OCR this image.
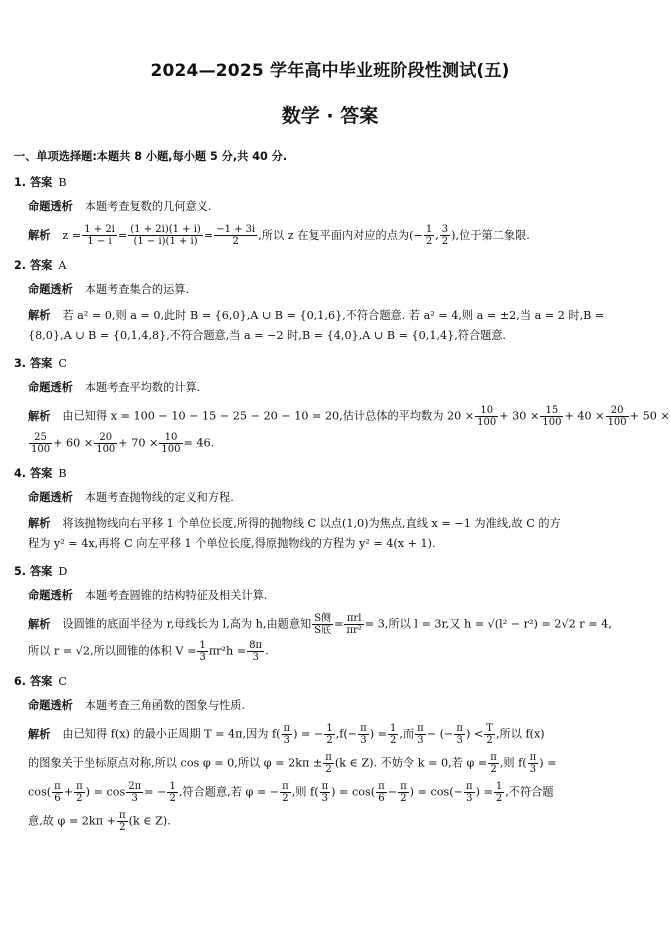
2024—2025 学年高中毕业班阶段性测试(五)
数学 · 答案
一、单项选择题:本题共 8 小题,每小题 5 分,共 40 分.
1. 答案 B
命题透析 本题考查复数的几何意义.
解析 $z = \frac{1 + 2i}{1 - i} = \frac{(1 + 2i)(1 + i)}{(1 - i)(1 + i)} = \frac{-1 + 3i}{2}$ ,所以 z 在复平面内对应的点为(− $\frac{1}{2}$ , $\frac{3}{2}$ ),位于第二象限.
2. 答案 A
命题透析 本题考查集合的运算.
解析 若 a² = 0,则 a = 0,此时 B = {6,0},A ∪ B = {0,1,6},不符合题意. 若 a² = 4,则 a = ±2,当 a = 2 时,B =
{8,0},A ∪ B = {0,1,4,8},不符合题意,当 a = −2 时,B = {4,0},A ∪ B = {0,1,4},符合题意.
3. 答案 C
命题透析 本题考查平均数的计算.
解析 由已知得 x = 100 − 10 − 15 − 25 − 20 − 10 = 20,估计总体的平均数为 $20 \times \frac{10}{100} + 30 \times \frac{15}{100} + 40 \times \frac{20}{100} + 50$ ×
$\frac{25}{100} + 60 \times \frac{20}{100} + 70 \times \frac{10}{100} = 46$.
4. 答案 B
命题透析 本题考查抛物线的定义和方程.
解析 将该抛物线向右平移 1 个单位长度,所得的抛物线 C 以点(1,0)为焦点,直线 x = −1 为准线,故 C 的方
程为 y² = 4x,再将 C 向左平移 1 个单位长度,得原抛物线的方程为 y² = 4(x + 1).
5. 答案 D
命题透析 本题考查圆锥的结构特征及相关计算.
解析 设圆锥的底面半径为 r,母线长为 l,高为 h,由题意知 $\frac{\text{S侧}}{\text{S底}} = \frac{\text{πrl}}{\text{πr²}} = 3$,所以 l = 3r,又 h = √(l² − r²) = 2√2 r = 4,
所以 r = √2,所以圆锥的体积 $V = \frac{1}{3} \pi r^2h = \frac{8\pi}{3}$ .
6. 答案 C
命题透析 本题考查三角函数的图象与性质.
解析 由已知得 f(x) 的最小正周期 T = 4π,因为 $f( \frac{\pi}{3}$ ) = − $\frac{1}{2} ,f(- \frac{\pi}{3}$ ) = $\frac{1}{2}$ ,而 $\frac{\pi}{3}$ − (− $\frac{\pi}{3}$ ) < $\frac{T}{2}$ ,所以 f(x)
的图象关于坐标原点对称,所以 cos φ = 0,所以 $\varphi = 2k\pi \pm \frac{\pi}{2} (k$ ∈ Z). 不妨令 k = 0,若 $\varphi = \frac{\pi}{2}$ ,则 $f( \frac{\pi}{3}$ ) =
$\cos( \frac{\pi}{6} + \frac{\pi}{2}$ ) = $\cos \frac{2\pi}{3}$ = − $\frac{1}{2}$ ,符合题意,若 φ = − $\frac{\pi}{2}$ ,则 $f( \frac{\pi}{3}$ ) = $\cos( \frac{\pi}{6} - \frac{\pi}{2}$ ) = $\cos(- \frac{\pi}{3}$ ) = $\frac{1}{2}$ ,不符合题
意,故 $\varphi = 2k\pi + \frac{\pi}{2} (k$ ∈ Z).
